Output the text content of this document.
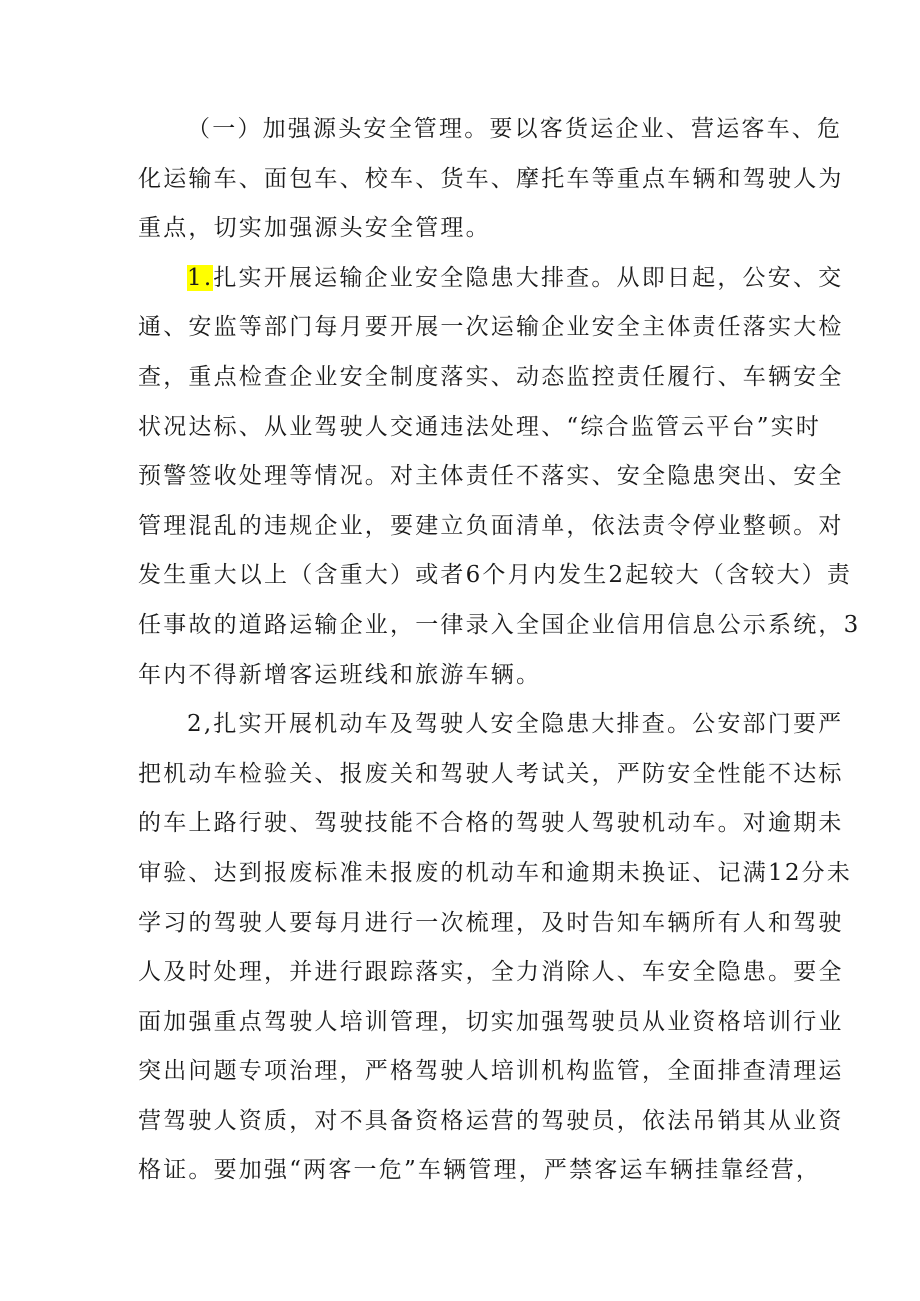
（一）加强源头安全管理。要以客货运企业、营运客车、危
化运输车、面包车、校车、货车、摩托车等重点车辆和驾驶人为
重点，切实加强源头安全管理。
1.扎实开展运输企业安全隐患大排查。从即日起，公安、交
通、安监等部门每月要开展一次运输企业安全主体责任落实大检
查，重点检查企业安全制度落实、动态监控责任履行、车辆安全
状况达标、从业驾驶人交通违法处理、“综合监管云平台”实时
预警签收处理等情况。对主体责任不落实、安全隐患突出、安全
管理混乱的违规企业，要建立负面清单，依法责令停业整顿。对
发生重大以上（含重大）或者6个月内发生2起较大（含较大）责
任事故的道路运输企业，一律录入全国企业信用信息公示系统，3
年内不得新增客运班线和旅游车辆。
2,扎实开展机动车及驾驶人安全隐患大排查。公安部门要严
把机动车检验关、报废关和驾驶人考试关，严防安全性能不达标
的车上路行驶、驾驶技能不合格的驾驶人驾驶机动车。对逾期未
审验、达到报废标准未报废的机动车和逾期未换证、记满12分未
学习的驾驶人要每月进行一次梳理，及时告知车辆所有人和驾驶
人及时处理，并进行跟踪落实，全力消除人、车安全隐患。要全
面加强重点驾驶人培训管理，切实加强驾驶员从业资格培训行业
突出问题专项治理，严格驾驶人培训机构监管，全面排查清理运
营驾驶人资质，对不具备资格运营的驾驶员，依法吊销其从业资
格证。要加强“两客一危”车辆管理，严禁客运车辆挂靠经营，
